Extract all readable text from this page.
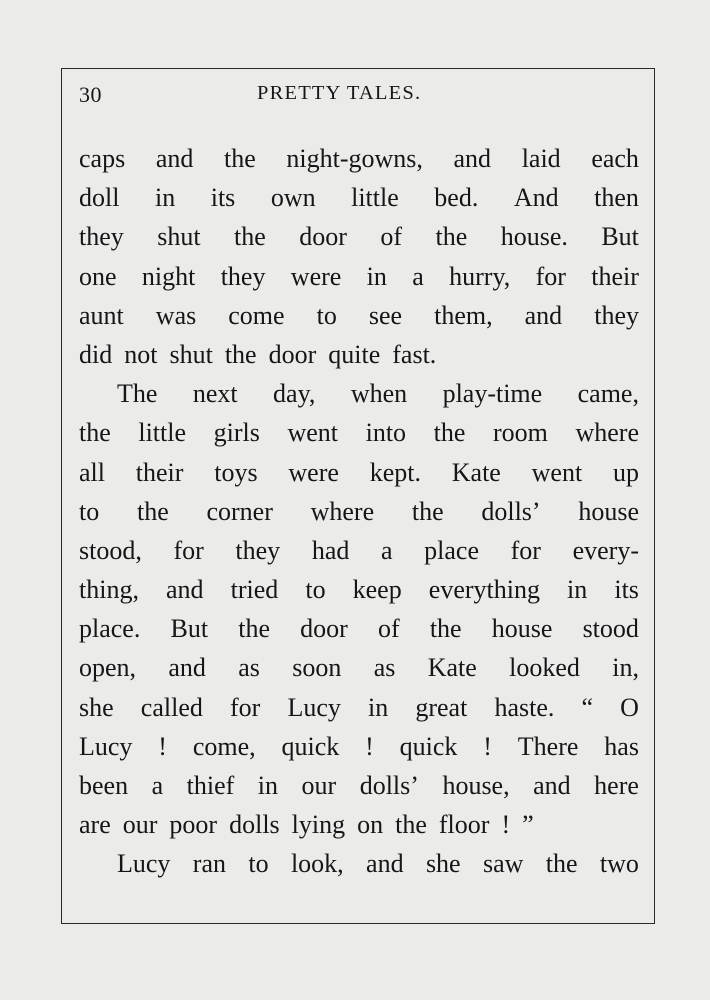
30	PRETTY TALES.
caps and the night-gowns, and laid each
doll in its own little bed. And then
they shut the door of the house. But
one night they were in a hurry, for their
aunt was come to see them, and they
did not shut the door quite fast.
The next day, when play-time came,
the little girls went into the room where
all their toys were kept. Kate went up
to the corner where the dolls’ house
stood, for they had a place for every-
thing, and tried to keep everything in its
place. But the door of the house stood
open, and as soon as Kate looked in,
she called for Lucy in great haste. “ O
Lucy ! come, quick ! quick ! There has
been a thief in our dolls’ house, and here
are our poor dolls lying on the floor ! ”
Lucy ran to look, and she saw the two
